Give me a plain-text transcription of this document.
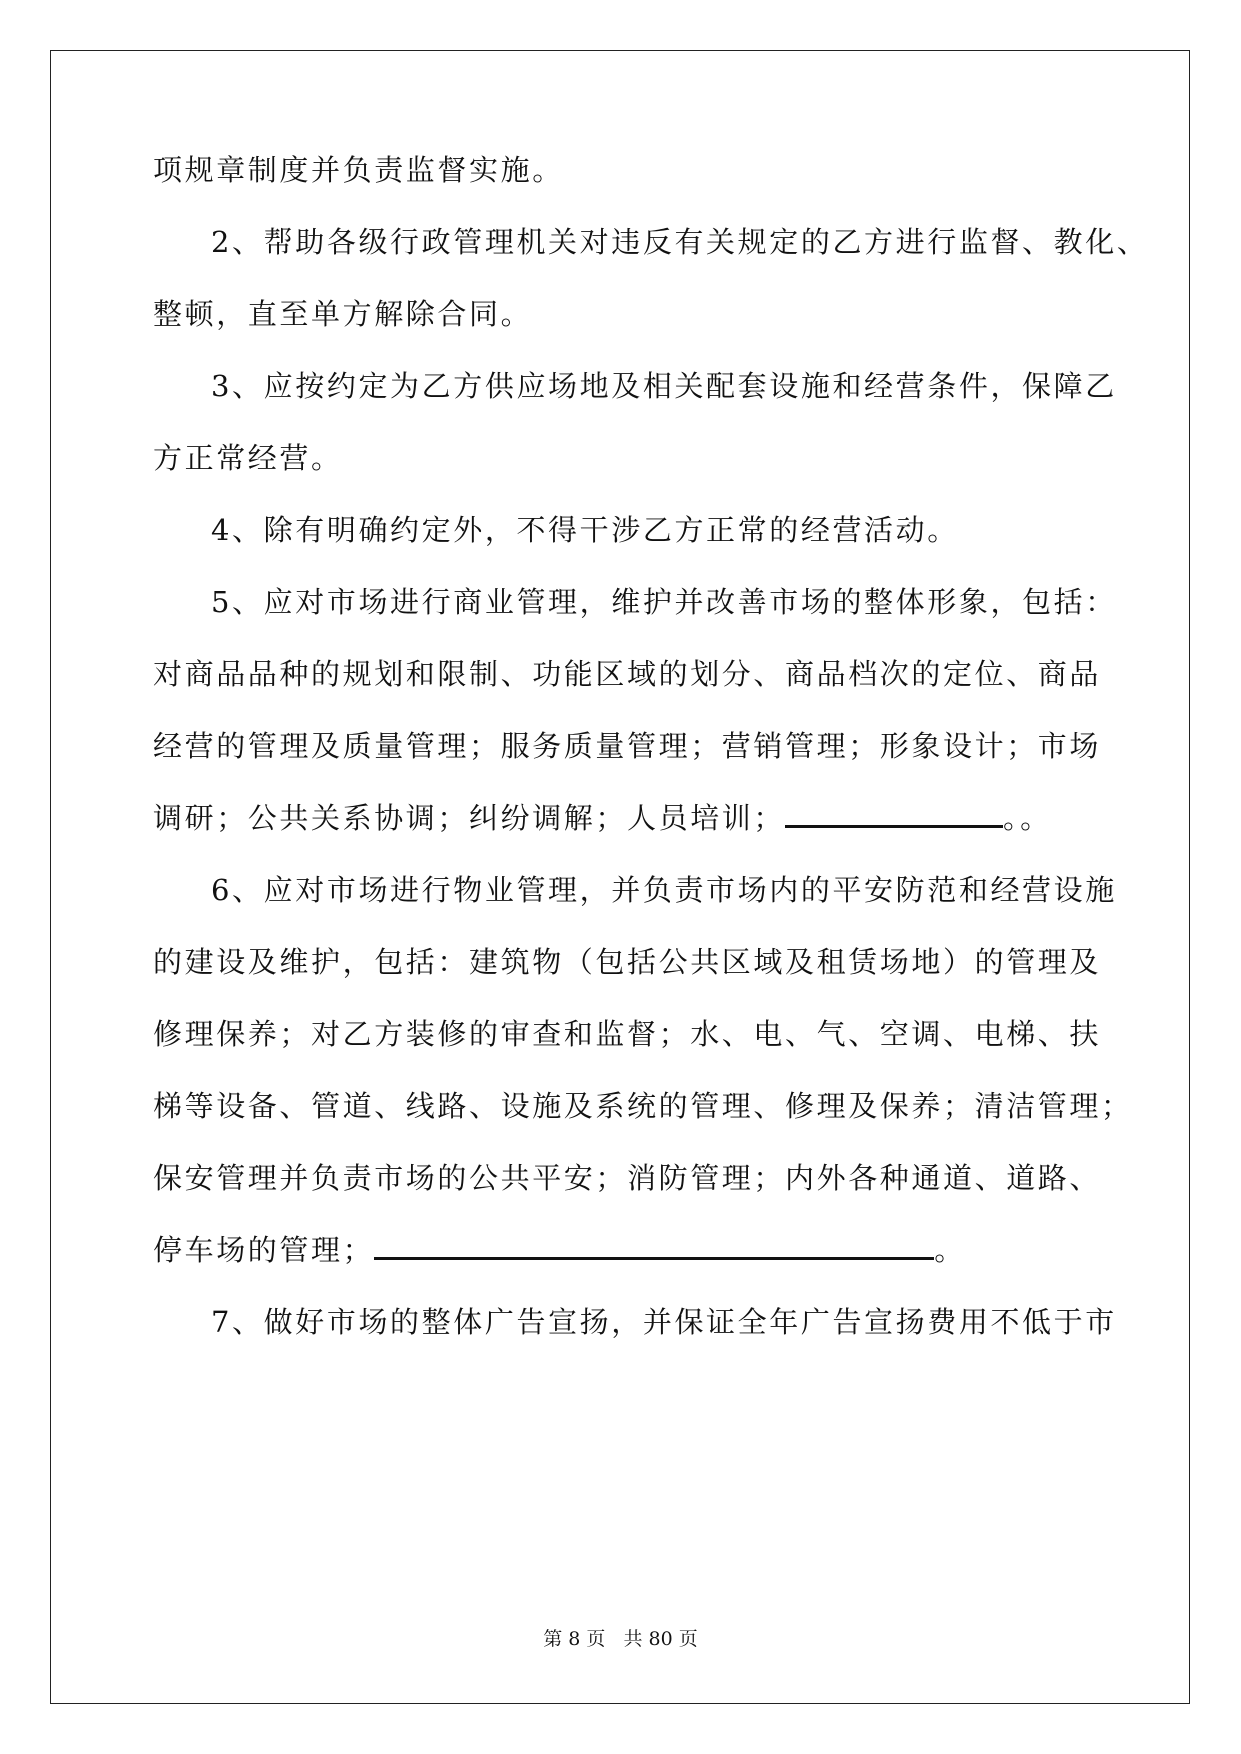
项规章制度并负责监督实施。
2、帮助各级行政管理机关对违反有关规定的乙方进行监督、教化、
整顿，直至单方解除合同。
3、应按约定为乙方供应场地及相关配套设施和经营条件，保障乙
方正常经营。
4、除有明确约定外，不得干涉乙方正常的经营活动。
5、应对市场进行商业管理，维护并改善市场的整体形象，包括：
对商品品种的规划和限制、功能区域的划分、商品档次的定位、商品
经营的管理及质量管理；服务质量管理；营销管理；形象设计；市场
调研；公共关系协调；纠纷调解；人员培训；	。。
6、应对市场进行物业管理，并负责市场内的平安防范和经营设施
的建设及维护，包括：建筑物（包括公共区域及租赁场地）的管理及
修理保养；对乙方装修的审查和监督；水、电、气、空调、电梯、扶
梯等设备、管道、线路、设施及系统的管理、修理及保养；清洁管理；
保安管理并负责市场的公共平安；消防管理；内外各种通道、道路、
停车场的管理；	。
7、做好市场的整体广告宣扬，并保证全年广告宣扬费用不低于市
第 8 页 共 80 页
